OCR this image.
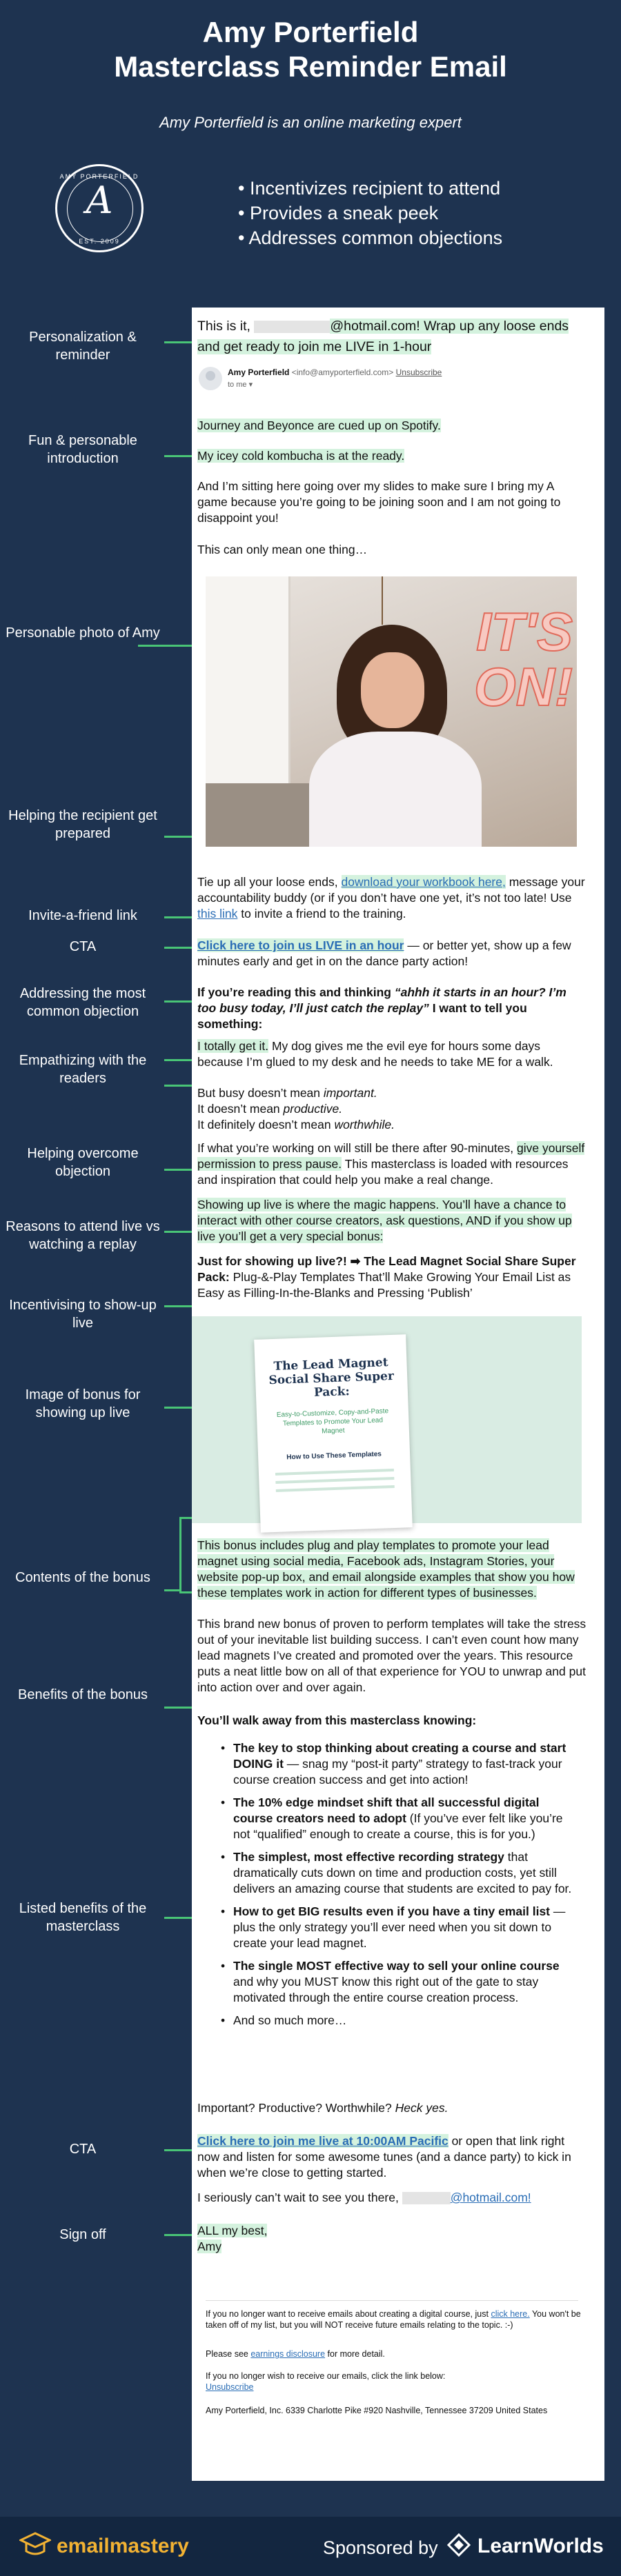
Amy Porterfield
Masterclass Reminder Email
Amy Porterfield is an online marketing expert
AMY PORTERFIELD
A
EST. 2009
• Incentivizes recipient to attend
• Provides a sneak peek
• Addresses common objections
Personalization & reminder
Fun & personable introduction
Personable photo of Amy
Helping the recipient get prepared
Invite-a-friend link
CTA
Addressing the most common objection
Empathizing with the readers
Helping overcome objection
Reasons to attend live vs watching a replay
Incentivising to show-up live
Image of bonus for showing up live
Contents of the bonus
Benefits of the bonus
Listed benefits of the masterclass
CTA
Sign off
This is it,	@hotmail.com! Wrap up any loose ends and get ready to join me LIVE in 1-hour
Amy Porterfield <info@amyporterfield.com> Unsubscribe
to me ▾
Journey and Beyonce are cued up on Spotify.
My icey cold kombucha is at the ready.
And I’m sitting here going over my slides to make sure I bring my A game because you’re going to be joining soon and I am not going to disappoint you!
This can only mean one thing…
IT'S
ON!
Tie up all your loose ends, download your workbook here, message your accountability buddy (or if you don’t have one yet, it’s not too late! Use this link to invite a friend to the training.
Click here to join us LIVE in an hour — or better yet, show up a few minutes early and get in on the dance party action!
If you’re reading this and thinking “ahhh it starts in an hour? I’m too busy today, I’ll just catch the replay” I want to tell you something:
I totally get it. My dog gives me the evil eye for hours some days because I’m glued to my desk and he needs to take ME for a walk.
But busy doesn’t mean important.
It doesn’t mean productive.
It definitely doesn’t mean worthwhile.
If what you’re working on will still be there after 90-minutes, give yourself permission to press pause. This masterclass is loaded with resources and inspiration that could help you make a real change.
Showing up live is where the magic happens. You’ll have a chance to interact with other course creators, ask questions, AND if you show up live you’ll get a very special bonus:
Just for showing up live?! ➡ The Lead Magnet Social Share Super Pack: Plug-&-Play Templates That’ll Make Growing Your Email List as Easy as Filling-In-the-Blanks and Pressing ‘Publish’
The Lead Magnet Social Share Super Pack:
Easy-to-Customize, Copy-and-Paste Templates to Promote Your Lead Magnet
How to Use These Templates
This bonus includes plug and play templates to promote your lead magnet using social media, Facebook ads, Instagram Stories, your website pop-up box, and email alongside examples that show you how these templates work in action for different types of businesses.
This brand new bonus of proven to perform templates will take the stress out of your inevitable list building success. I can’t even count how many lead magnets I’ve created and promoted over the years. This resource puts a neat little bow on all of that experience for YOU to unwrap and put into action over and over again.
You’ll walk away from this masterclass knowing:
• The key to stop thinking about creating a course and start DOING it — snag my “post-it party” strategy to fast-track your course creation success and get into action!
• The 10% edge mindset shift that all successful digital course creators need to adopt (If you’ve ever felt like you’re not “qualified” enough to create a course, this is for you.)
• The simplest, most effective recording strategy that dramatically cuts down on time and production costs, yet still delivers an amazing course that students are excited to pay for.
• How to get BIG results even if you have a tiny email list — plus the only strategy you’ll ever need when you sit down to create your lead magnet.
• The single MOST effective way to sell your online course and why you MUST know this right out of the gate to stay motivated through the entire course creation process.
• And so much more…
Important? Productive? Worthwhile? Heck yes.
Click here to join me live at 10:00AM Pacific or open that link right now and listen for some awesome tunes (and a dance party) to kick in when we’re close to getting started.
I seriously can’t wait to see you there,	@hotmail.com!
ALL my best,
Amy
If you no longer want to receive emails about creating a digital course, just click here. You won't be taken off of my list, but you will NOT receive future emails relating to the topic. :-)
Please see earnings disclosure for more detail.
If you no longer wish to receive our emails, click the link below:
Unsubscribe
Amy Porterfield, Inc. 6339 Charlotte Pike #920 Nashville, Tennessee 37209 United States
emailmastery	Sponsored by LearnWorlds
